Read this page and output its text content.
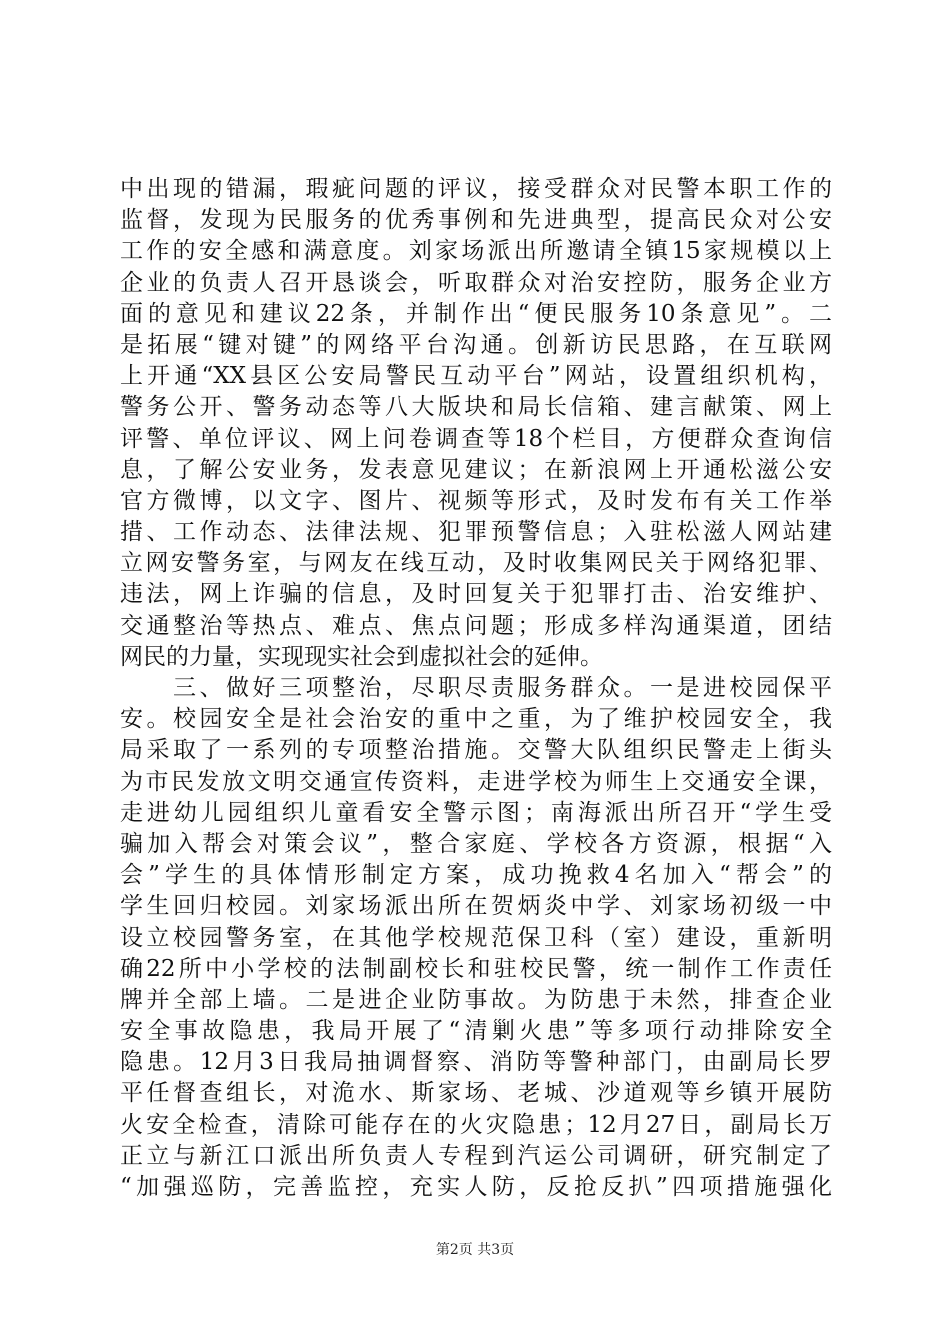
中出现的错漏，瑕疵问题的评议，接受群众对民警本职工作的
监督，发现为民服务的优秀事例和先进典型，提高民众对公安
工作的安全感和满意度。刘家场派出所邀请全镇15家规模以上
企业的负责人召开恳谈会，听取群众对治安控防，服务企业方
面的意见和建议22条，并制作出“便民服务10条意见”。二
是拓展“键对键”的网络平台沟通。创新访民思路，在互联网
上开通“XX县区公安局警民互动平台”网站，设置组织机构，
警务公开、警务动态等八大版块和局长信箱、建言献策、网上
评警、单位评议、网上问卷调查等18个栏目，方便群众查询信
息，了解公安业务，发表意见建议；在新浪网上开通松滋公安
官方微博，以文字、图片、视频等形式，及时发布有关工作举
措、工作动态、法律法规、犯罪预警信息；入驻松滋人网站建
立网安警务室，与网友在线互动，及时收集网民关于网络犯罪、
违法，网上诈骗的信息，及时回复关于犯罪打击、治安维护、
交通整治等热点、难点、焦点问题；形成多样沟通渠道，团结
网民的力量，实现现实社会到虚拟社会的延伸。
　　三、做好三项整治，尽职尽责服务群众。一是进校园保平
安。校园安全是社会治安的重中之重，为了维护校园安全，我
局采取了一系列的专项整治措施。交警大队组织民警走上街头
为市民发放文明交通宣传资料，走进学校为师生上交通安全课，
走进幼儿园组织儿童看安全警示图；南海派出所召开“学生受
骗加入帮会对策会议”，整合家庭、学校各方资源，根据“入
会”学生的具体情形制定方案，成功挽救4名加入“帮会”的
学生回归校园。刘家场派出所在贺炳炎中学、刘家场初级一中
设立校园警务室，在其他学校规范保卫科（室）建设，重新明
确22所中小学校的法制副校长和驻校民警，统一制作工作责任
牌并全部上墙。二是进企业防事故。为防患于未然，排查企业
安全事故隐患，我局开展了“清剿火患”等多项行动排除安全
隐患。12月3日我局抽调督察、消防等警种部门，由副局长罗
平任督查组长，对洈水、斯家场、老城、沙道观等乡镇开展防
火安全检查，清除可能存在的火灾隐患；12月27日，副局长万
正立与新江口派出所负责人专程到汽运公司调研，研究制定了
“加强巡防，完善监控，充实人防，反抢反扒”四项措施强化
第2页 共3页
